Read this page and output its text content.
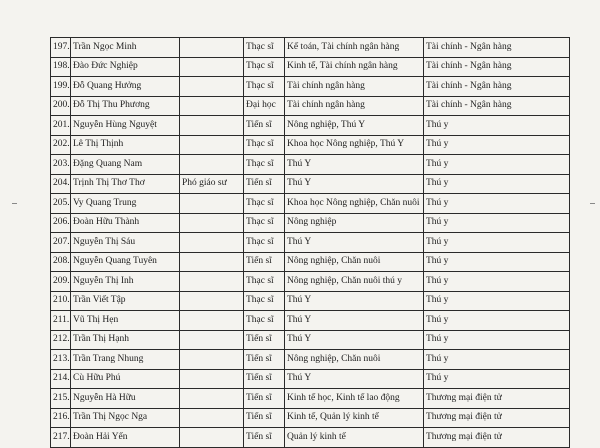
197.	Trần Ngọc Minh		Thạc sĩ	Kế toán, Tài chính ngân hàng	Tài chính - Ngân hàng
198.	Đào Đức Nghiệp		Thạc sĩ	Kinh tế, Tài chính ngân hàng	Tài chính - Ngân hàng
199.	Đỗ Quang Hưởng		Thạc sĩ	Tài chính ngân hàng	Tài chính - Ngân hàng
200.	Đỗ Thị Thu Phương		Đại học	Tài chính ngân hàng	Tài chính - Ngân hàng
201.	Nguyễn Hùng Nguyệt		Tiến sĩ	Nông nghiệp, Thú Y	Thú y
202.	Lê Thị Thịnh		Thạc sĩ	Khoa học Nông nghiệp, Thú Y	Thú y
203.	Đặng Quang Nam		Thạc sĩ	Thú Y	Thú y
204.	Trịnh Thị Thơ Thơ	Phó giáo sư	Tiến sĩ	Thú Y	Thú y
205.	Vy Quang Trung		Thạc sĩ	Khoa học Nông nghiệp, Chăn nuôi	Thú y
206.	Đoàn Hữu Thành		Thạc sĩ	Nông nghiệp	Thú y
207.	Nguyễn Thị Sáu		Thạc sĩ	Thú Y	Thú y
208.	Nguyễn Quang Tuyên		Tiến sĩ	Nông nghiệp, Chăn nuôi	Thú y
209.	Nguyễn Thị Inh		Thạc sĩ	Nông nghiệp, Chăn nuôi thú y	Thú y
210.	Trần Viết Tập		Thạc sĩ	Thú Y	Thú y
211.	Vũ Thị Hẹn		Thạc sĩ	Thú Y	Thú y
212.	Trần Thị Hạnh		Tiến sĩ	Thú Y	Thú y
213.	Trần Trang Nhung		Tiến sĩ	Nông nghiệp, Chăn nuôi	Thú y
214.	Cù Hữu Phú		Tiến sĩ	Thú Y	Thú y
215.	Nguyễn Hà Hữu		Tiến sĩ	Kinh tế học, Kinh tế lao động	Thương mại điện tử
216.	Trần Thị Ngọc Nga		Tiến sĩ	Kinh tế, Quản lý kinh tế	Thương mại điện tử
217.	Đoàn Hải Yến		Tiến sĩ	Quản lý kinh tế	Thương mại điện tử
